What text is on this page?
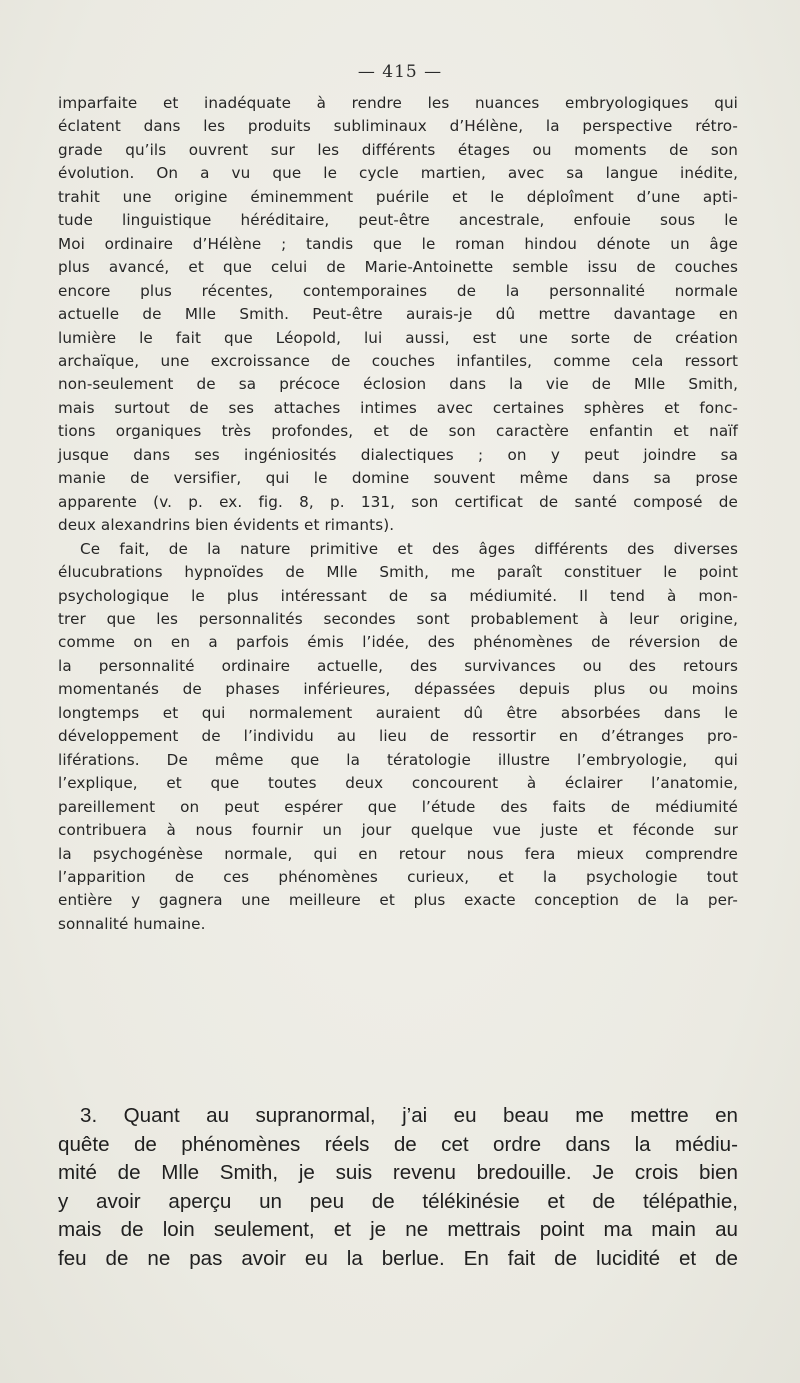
— 415 —

imparfaite et inadéquate à rendre les nuances embryologiques qui
éclatent dans les produits subliminaux d’Hélène, la perspective rétro-
grade qu’ils ouvrent sur les différents étages ou moments de son
évolution. On a vu que le cycle martien, avec sa langue inédite,
trahit une origine éminemment puérile et le déploîment d’une apti-
tude linguistique héréditaire, peut-être ancestrale, enfouie sous le
Moi ordinaire d’Hélène ; tandis que le roman hindou dénote un âge
plus avancé, et que celui de Marie-Antoinette semble issu de couches
encore plus récentes, contemporaines de la personnalité normale
actuelle de Mlle Smith. Peut-être aurais-je dû mettre davantage en
lumière le fait que Léopold, lui aussi, est une sorte de création
archaïque, une excroissance de couches infantiles, comme cela ressort
non-seulement de sa précoce éclosion dans la vie de Mlle Smith,
mais surtout de ses attaches intimes avec certaines sphères et fonc-
tions organiques très profondes, et de son caractère enfantin et naïf
jusque dans ses ingéniosités dialectiques ; on y peut joindre sa
manie de versifier, qui le domine souvent même dans sa prose
apparente (v. p. ex. fig. 8, p. 131, son certificat de santé composé de
deux alexandrins bien évidents et rimants).

Ce fait, de la nature primitive et des âges différents des diverses
élucubrations hypnoïdes de Mlle Smith, me paraît constituer le point
psychologique le plus intéressant de sa médiumité. Il tend à mon-
trer que les personnalités secondes sont probablement à leur origine,
comme on en a parfois émis l’idée, des phénomènes de réversion de
la personnalité ordinaire actuelle, des survivances ou des retours
momentanés de phases inférieures, dépassées depuis plus ou moins
longtemps et qui normalement auraient dû être absorbées dans le
développement de l’individu au lieu de ressortir en d’étranges pro-
liférations. De même que la tératologie illustre l’embryologie, qui
l’explique, et que toutes deux concourent à éclairer l’anatomie,
pareillement on peut espérer que l’étude des faits de médiumité
contribuera à nous fournir un jour quelque vue juste et féconde sur
la psychogénèse normale, qui en retour nous fera mieux comprendre
l’apparition de ces phénomènes curieux, et la psychologie tout
entière y gagnera une meilleure et plus exacte conception de la per-
sonnalité humaine.

3. Quant au supranormal, j’ai eu beau me mettre en
quête de phénomènes réels de cet ordre dans la médiu-
mité de Mlle Smith, je suis revenu bredouille. Je crois bien
y avoir aperçu un peu de télékinésie et de télépathie,
mais de loin seulement, et je ne mettrais point ma main au
feu de ne pas avoir eu la berlue. En fait de lucidité et de
